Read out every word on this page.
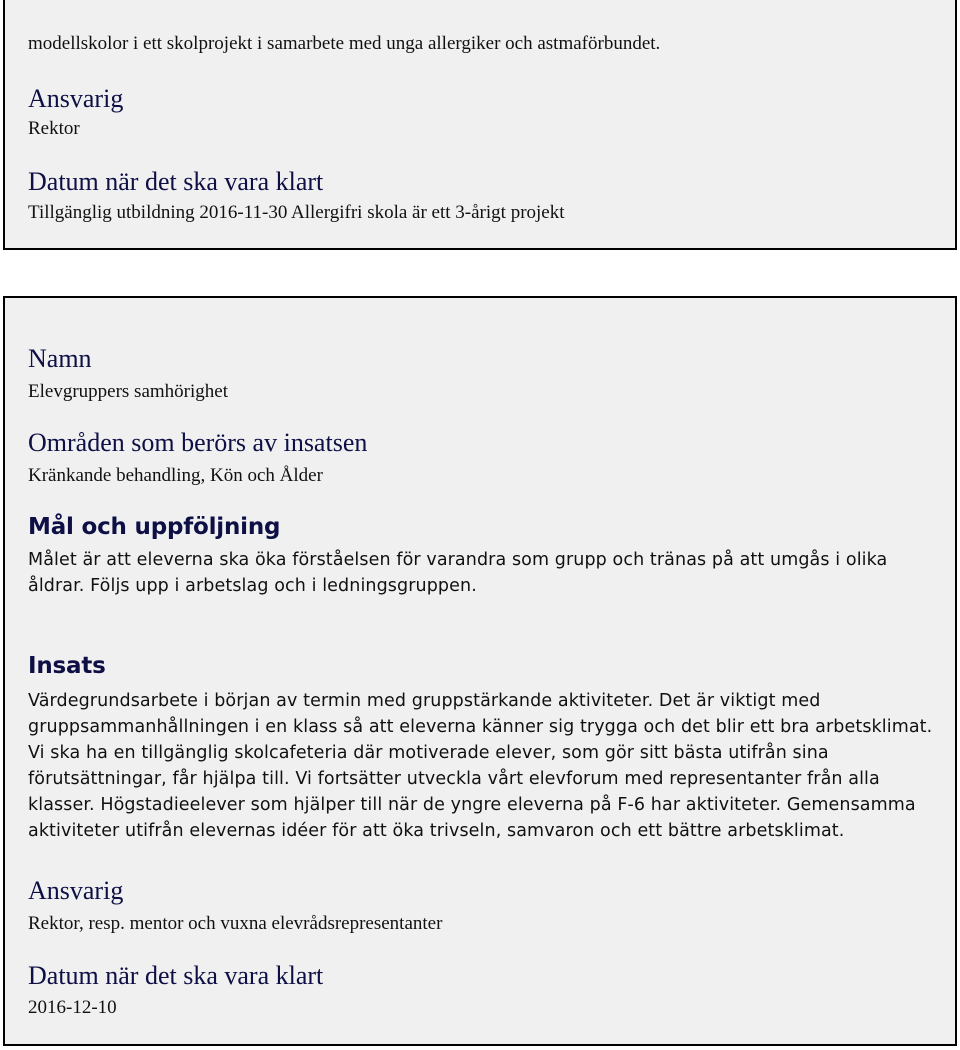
modellskolor i ett skolprojekt i samarbete med unga allergiker och astmaförbundet.

Ansvarig

Rektor

Datum när det ska vara klart

Tillgänglig utbildning 2016-11-30 Allergifri skola är ett 3-årigt projekt

Namn

Elevgruppers samhörighet

Områden som berörs av insatsen

Kränkande behandling, Kön och Ålder

Mål och uppföljning

Målet är att eleverna ska öka förståelsen för varandra som grupp och tränas på att umgås i olika åldrar. Följs upp i arbetslag och i ledningsgruppen.

Insats

Värdegrundsarbete i början av termin med gruppstärkande aktiviteter. Det är viktigt med gruppsammanhållningen i en klass så att eleverna känner sig trygga och det blir ett bra arbetsklimat. Vi ska ha en tillgänglig skolcafeteria där motiverade elever, som gör sitt bästa utifrån sina förutsättningar, får hjälpa till. Vi fortsätter utveckla vårt elevforum med representanter från alla klasser. Högstadieelever som hjälper till när de yngre eleverna på F-6 har aktiviteter. Gemensamma aktiviteter utifrån elevernas idéer för att öka trivseln, samvaron och ett bättre arbetsklimat.

Ansvarig

Rektor, resp. mentor och vuxna elevrådsrepresentanter

Datum när det ska vara klart

2016-12-10
